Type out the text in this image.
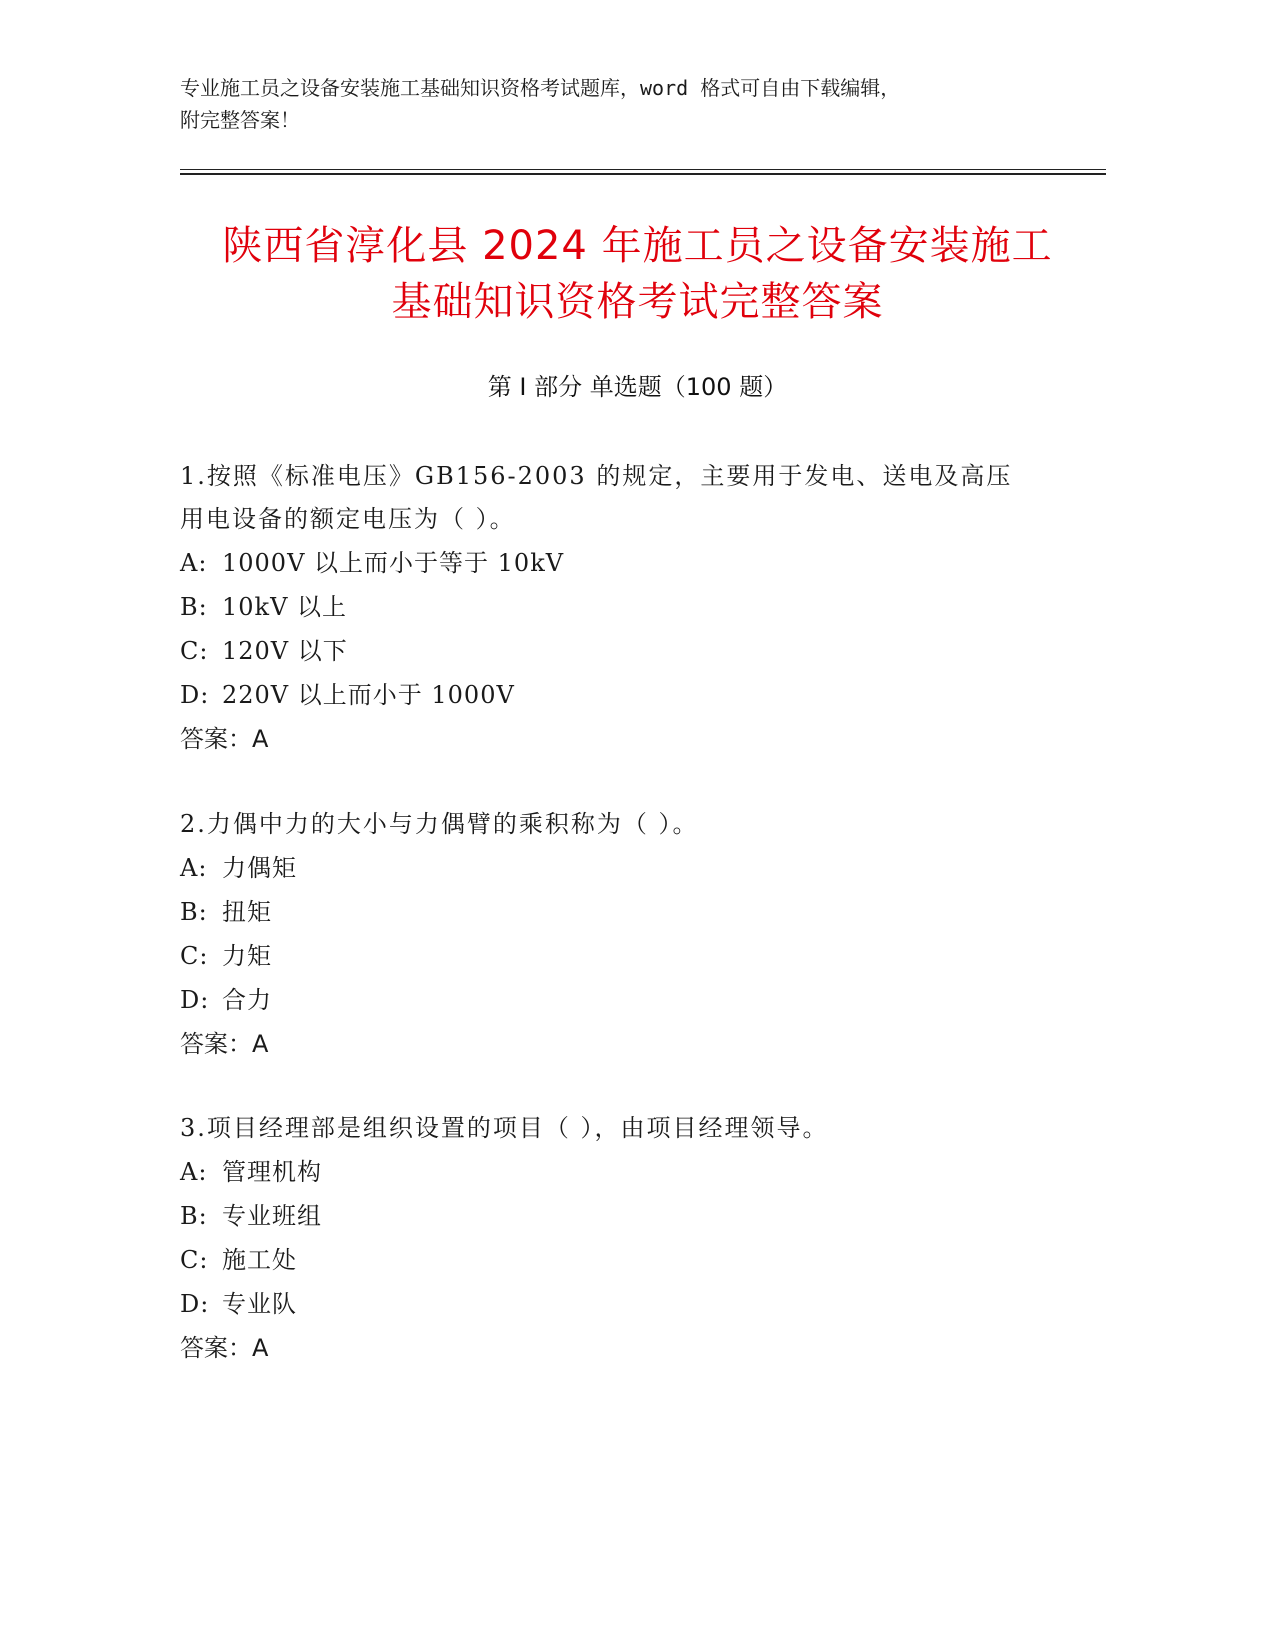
专业施工员之设备安装施工基础知识资格考试题库，word 格式可自由下载编辑，
附完整答案！
陕西省淳化县 2024 年施工员之设备安装施工
基础知识资格考试完整答案
第 I 部分 单选题（100 题）
1.按照《标准电压》GB156-2003 的规定，主要用于发电、送电及高压
用电设备的额定电压为（ ）。
A: 1000V 以上而小于等于 10kV
B: 10kV 以上
C: 120V 以下
D: 220V 以上而小于 1000V
答案：A
2.力偶中力的大小与力偶臂的乘积称为（ ）。
A: 力偶矩
B: 扭矩
C: 力矩
D: 合力
答案：A
3.项目经理部是组织设置的项目（ ），由项目经理领导。
A: 管理机构
B: 专业班组
C: 施工处
D: 专业队
答案：A
